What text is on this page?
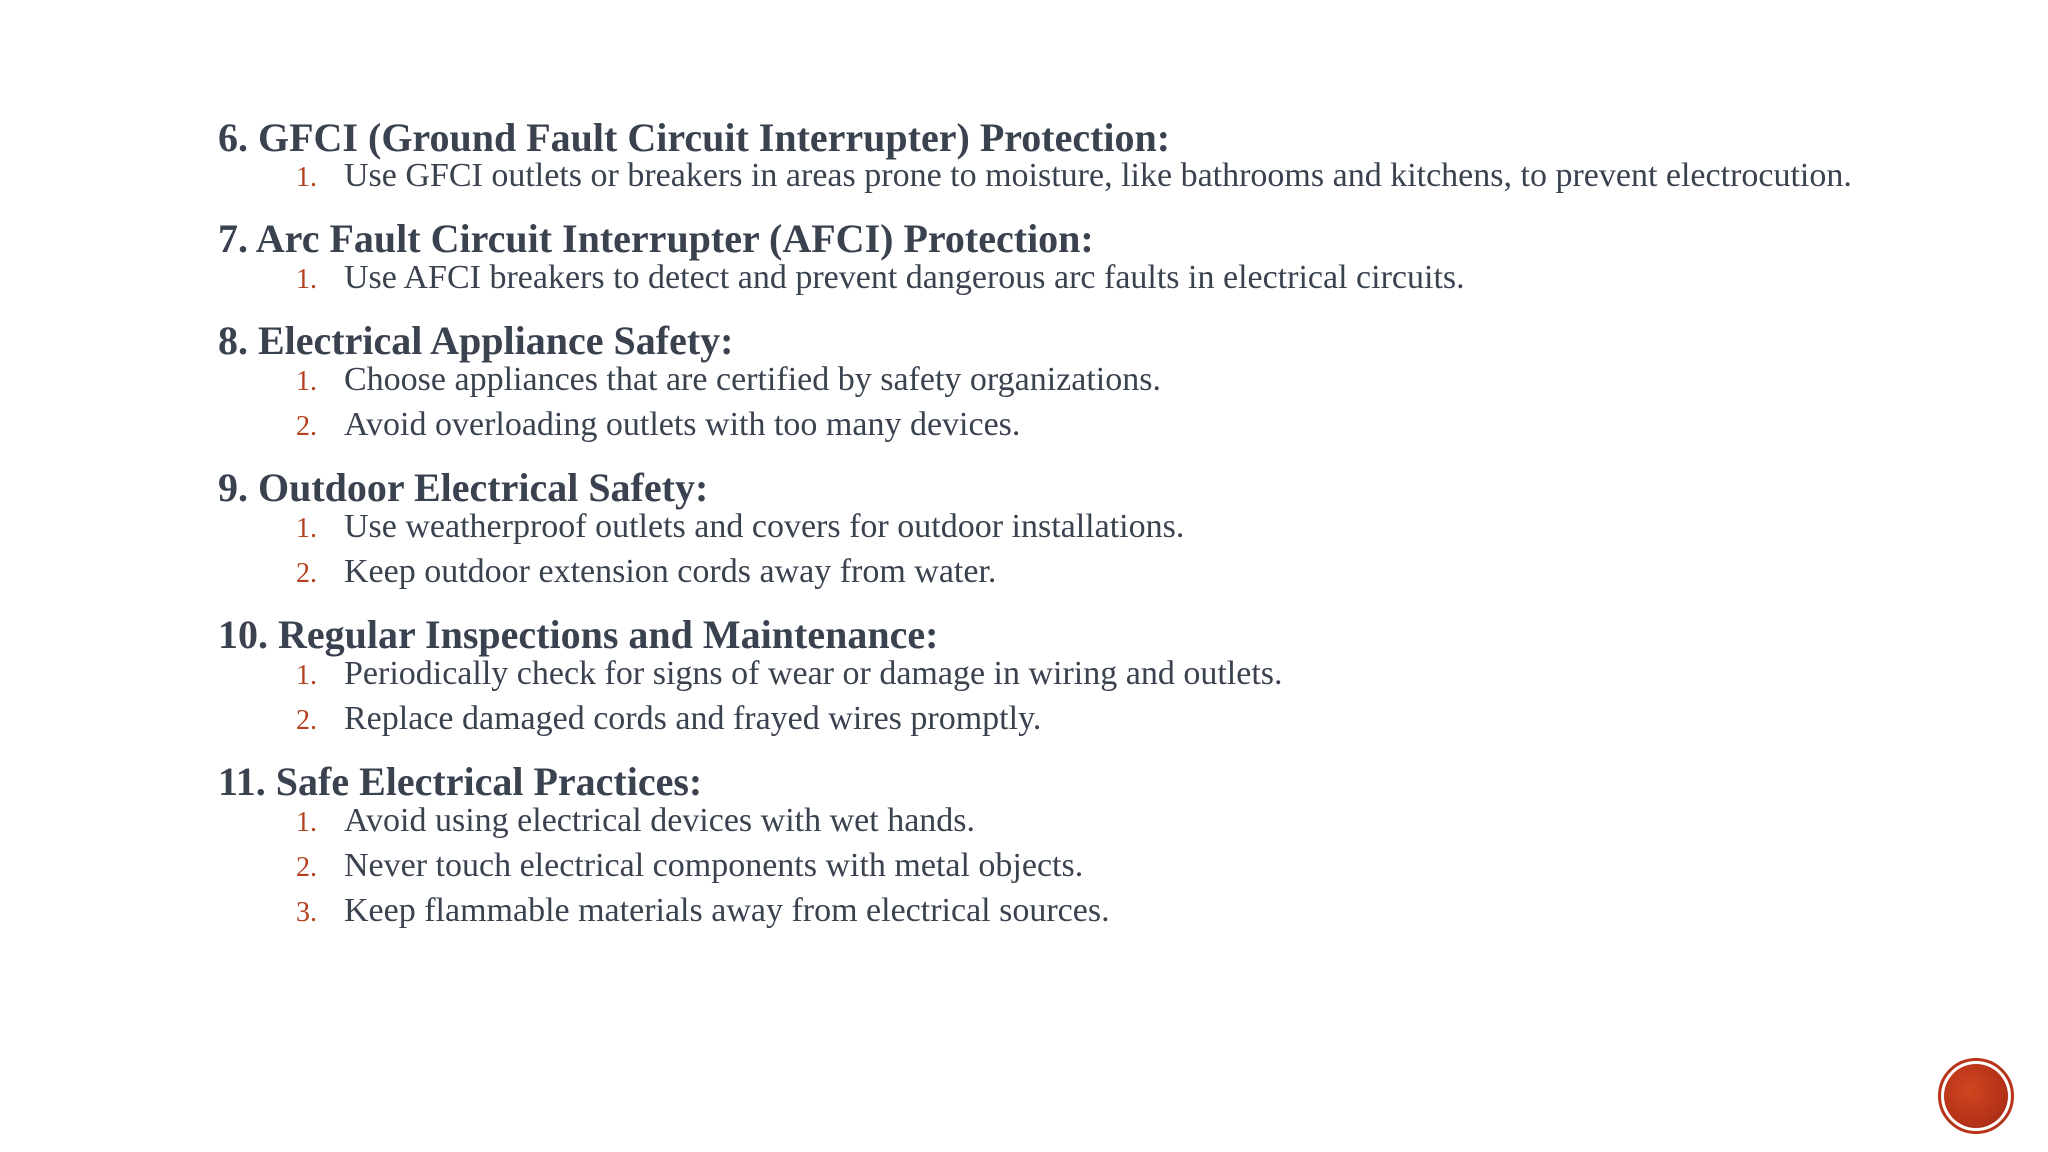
6. GFCI (Ground Fault Circuit Interrupter) Protection:
1. Use GFCI outlets or breakers in areas prone to moisture, like bathrooms and kitchens, to prevent electrocution.
7. Arc Fault Circuit Interrupter (AFCI) Protection:
1. Use AFCI breakers to detect and prevent dangerous arc faults in electrical circuits.
8. Electrical Appliance Safety:
1. Choose appliances that are certified by safety organizations.
2. Avoid overloading outlets with too many devices.
9. Outdoor Electrical Safety:
1. Use weatherproof outlets and covers for outdoor installations.
2. Keep outdoor extension cords away from water.
10. Regular Inspections and Maintenance:
1. Periodically check for signs of wear or damage in wiring and outlets.
2. Replace damaged cords and frayed wires promptly.
11. Safe Electrical Practices:
1. Avoid using electrical devices with wet hands.
2. Never touch electrical components with metal objects.
3. Keep flammable materials away from electrical sources.
